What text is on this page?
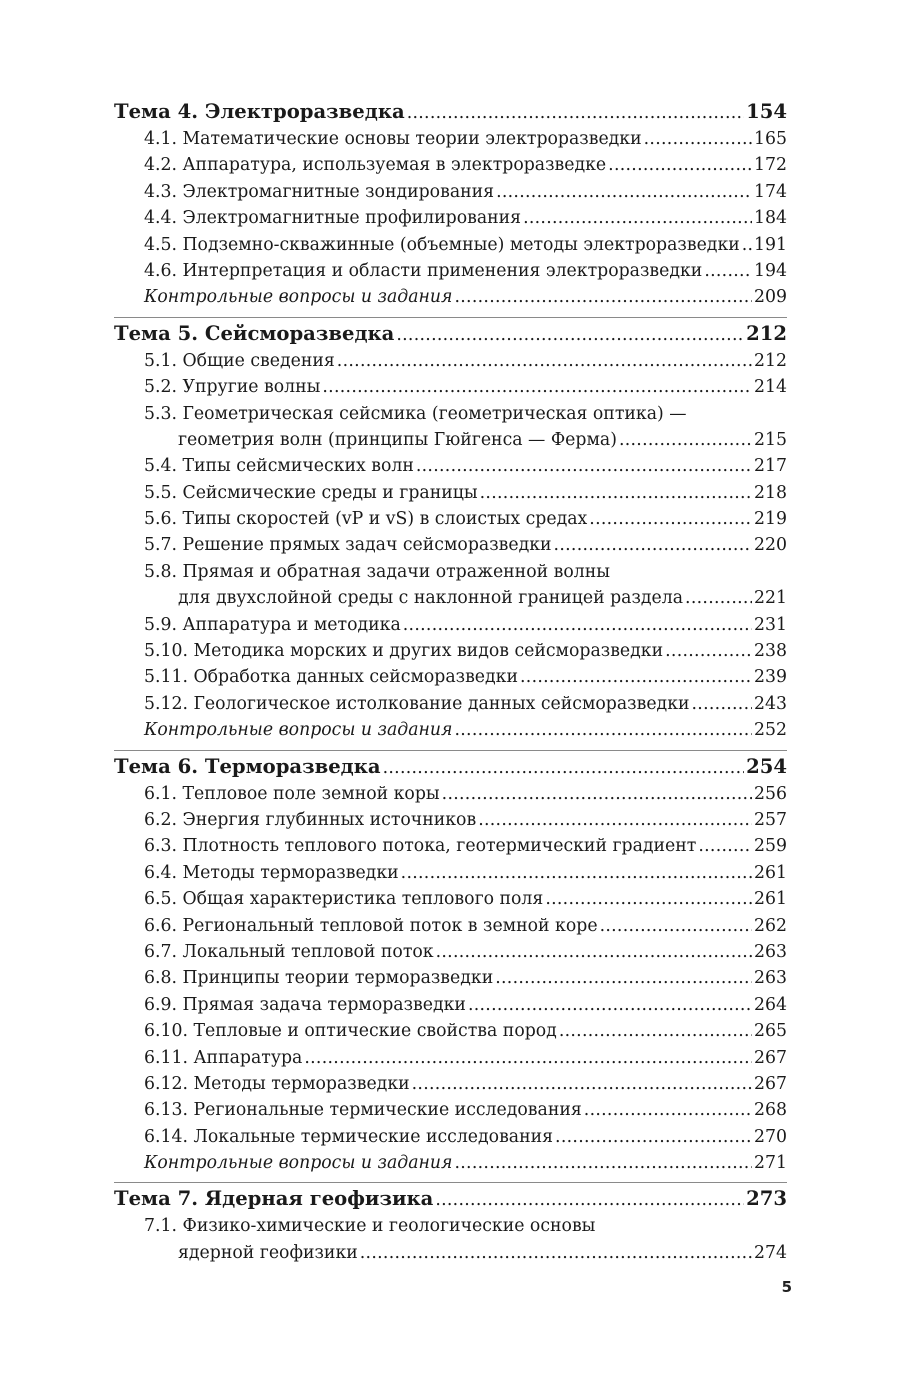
Тема 4. Электроразведка . . .	154
4.1. Математические основы теории электроразведки . . .	165
4.2. Аппаратура, используемая в электроразведке . . .	172
4.3. Электромагнитные зондирования . . .	174
4.4. Электромагнитные профилирования . . .	184
4.5. Подземно-скважинные (объемные) методы электроразведки . . . 191
4.6. Интерпретация и области применения электроразведки . . .	194
Контрольные вопросы и задания . . .	209
Тема 5. Сейсморазведка . . .	212
5.1. Общие сведения . . .	212
5.2. Упругие волны . . .	214
5.3. Геометрическая сейсмика (геометрическая оптика) —
геометрия волн (принципы Гюйгенса — Ферма) . . .	215
5.4. Типы сейсмических волн . . .	217
5.5. Сейсмические среды и границы . . .	218
5.6. Типы скоростей (vP и vS) в слоистых средах . . .	219
5.7. Решение прямых задач сейсморазведки . . .	220
5.8. Прямая и обратная задачи отраженной волны
для двухслойной среды с наклонной границей раздела . . .	221
5.9. Аппаратура и методика . . .	231
5.10. Методика морских и других видов сейсморазведки . . .	238
5.11. Обработка данных сейсморазведки . . .	239
5.12. Геологическое истолкование данных сейсморазведки . . .	243
Контрольные вопросы и задания . . .	252
Тема 6. Терморазведка . . .	254
6.1. Тепловое поле земной коры . . .	256
6.2. Энергия глубинных источников . . .	257
6.3. Плотность теплового потока, геотермический градиент . . .	259
6.4. Методы терморазведки . . .	261
6.5. Общая характеристика теплового поля . . .	261
6.6. Региональный тепловой поток в земной коре . . .	262
6.7. Локальный тепловой поток . . .	263
6.8. Принципы теории терморазведки . . .	263
6.9. Прямая задача терморазведки . . .	264
6.10. Тепловые и оптические свойства пород . . .	265
6.11. Аппаратура . . .	267
6.12. Методы терморазведки . . .	267
6.13. Региональные термические исследования . . .	268
6.14. Локальные термические исследования . . .	270
Контрольные вопросы и задания . . .	271
Тема 7. Ядерная геофизика . . .	273
7.1. Физико-химические и геологические основы
ядерной геофизики . . .	274
5
